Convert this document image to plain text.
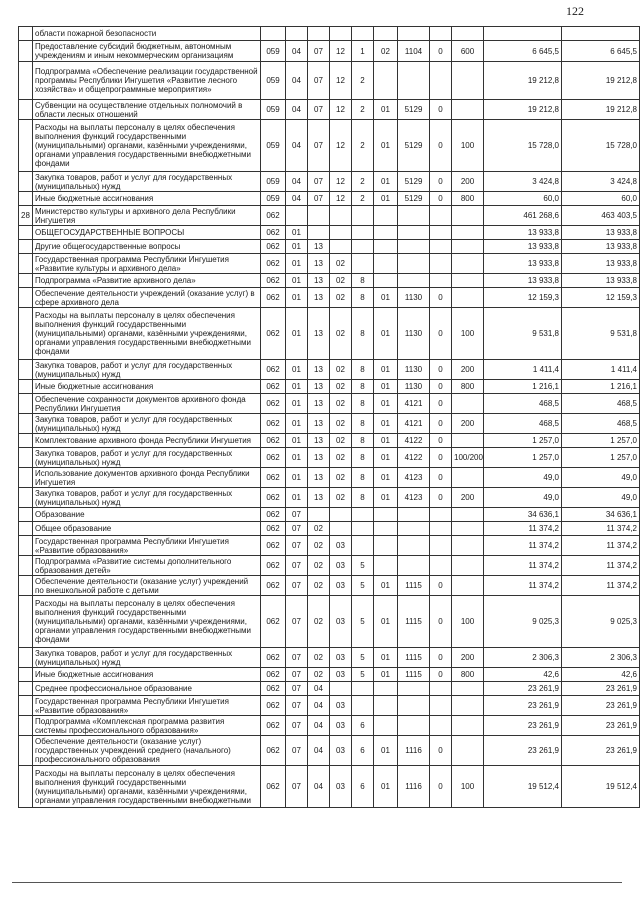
122
	области пожарной безопасности											
	Предоставление субсидий бюджетным, автономным учреждениям и иным некоммерческим организациям	059	04	07	12	1	02	1104	0	600	6 645,5	6 645,5
	Подпрограмма «Обеспечение реализации государственной программы Республики Ингушетия «Развитие лесного хозяйства» и общепрограммные мероприятия»	059	04	07	12	2					19 212,8	19 212,8
	Субвенции на осуществление отдельных полномочий в области лесных отношений	059	04	07	12	2	01	5129	0		19 212,8	19 212,8
	Расходы на выплаты персоналу в целях обеспечения выполнения функций государственными (муниципальными) органами, казёнными учреждениями, органами управления государственными внебюджетными фондами	059	04	07	12	2	01	5129	0	100	15 728,0	15 728,0
	Закупка товаров, работ и услуг для государственных (муниципальных) нужд	059	04	07	12	2	01	5129	0	200	3 424,8	3 424,8
	Иные бюджетные ассигнования	059	04	07	12	2	01	5129	0	800	60,0	60,0
28	Министерство культуры и архивного дела Республики Ингушетия	062									461 268,6	463 403,5
	ОБЩЕГОСУДАРСТВЕННЫЕ ВОПРОСЫ	062	01								13 933,8	13 933,8
	Другие общегосударственные вопросы	062	01	13							13 933,8	13 933,8
	Государственная программа Республики Ингушетия «Развитие культуры и архивного дела»	062	01	13	02						13 933,8	13 933,8
	Подпрограмма «Развитие архивного дела»	062	01	13	02	8					13 933,8	13 933,8
	Обеспечение деятельности учреждений (оказание услуг) в сфере архивного дела	062	01	13	02	8	01	1130	0		12 159,3	12 159,3
	Расходы на выплаты персоналу в целях обеспечения выполнения функций государственными (муниципальными) органами, казёнными учреждениями, органами управления государственными внебюджетными фондами	062	01	13	02	8	01	1130	0	100	9 531,8	9 531,8
	Закупка товаров, работ и услуг для государственных (муниципальных) нужд	062	01	13	02	8	01	1130	0	200	1 411,4	1 411,4
	Иные бюджетные ассигнования	062	01	13	02	8	01	1130	0	800	1 216,1	1 216,1
	Обеспечение сохранности документов архивного фонда Республики Ингушетия	062	01	13	02	8	01	4121	0		468,5	468,5
	Закупка товаров, работ и услуг для государственных (муниципальных) нужд	062	01	13	02	8	01	4121	0	200	468,5	468,5
	Комплектование архивного фонда Республики Ингушетия	062	01	13	02	8	01	4122	0		1 257,0	1 257,0
	Закупка товаров, работ и услуг для государственных (муниципальных) нужд	062	01	13	02	8	01	4122	0	100/200	1 257,0	1 257,0
	Использование документов архивного фонда Республики Ингушетия	062	01	13	02	8	01	4123	0		49,0	49,0
	Закупка товаров, работ и услуг для государственных (муниципальных) нужд	062	01	13	02	8	01	4123	0	200	49,0	49,0
	Образование	062	07								34 636,1	34 636,1
	Общее образование	062	07	02							11 374,2	11 374,2
	Государственная программа Республики Ингушетия «Развитие образования»	062	07	02	03						11 374,2	11 374,2
	Подпрограмма «Развитие системы дополнительного образования детей»	062	07	02	03	5					11 374,2	11 374,2
	Обеспечение деятельности (оказание услуг) учреждений по внешкольной работе с детьми	062	07	02	03	5	01	1115	0		11 374,2	11 374,2
	Расходы на выплаты персоналу в целях обеспечения выполнения функций государственными (муниципальными) органами, казёнными учреждениями, органами управления государственными внебюджетными фондами	062	07	02	03	5	01	1115	0	100	9 025,3	9 025,3
	Закупка товаров, работ и услуг для государственных (муниципальных) нужд	062	07	02	03	5	01	1115	0	200	2 306,3	2 306,3
	Иные бюджетные ассигнования	062	07	02	03	5	01	1115	0	800	42,6	42,6
	Среднее профессиональное образование	062	07	04							23 261,9	23 261,9
	Государственная программа Республики Ингушетия «Развитие образования»	062	07	04	03						23 261,9	23 261,9
	Подпрограмма «Комплексная программа развития системы профессионального образования»	062	07	04	03	6					23 261,9	23 261,9
	Обеспечение деятельности (оказание услуг) государственных учреждений среднего (начального) профессионального образования	062	07	04	03	6	01	1116	0		23 261,9	23 261,9
	Расходы на выплаты персоналу в целях обеспечения выполнения функций государственными (муниципальными) органами, казёнными учреждениями, органами управления государственными внебюджетными	062	07	04	03	6	01	1116	0	100	19 512,4	19 512,4
